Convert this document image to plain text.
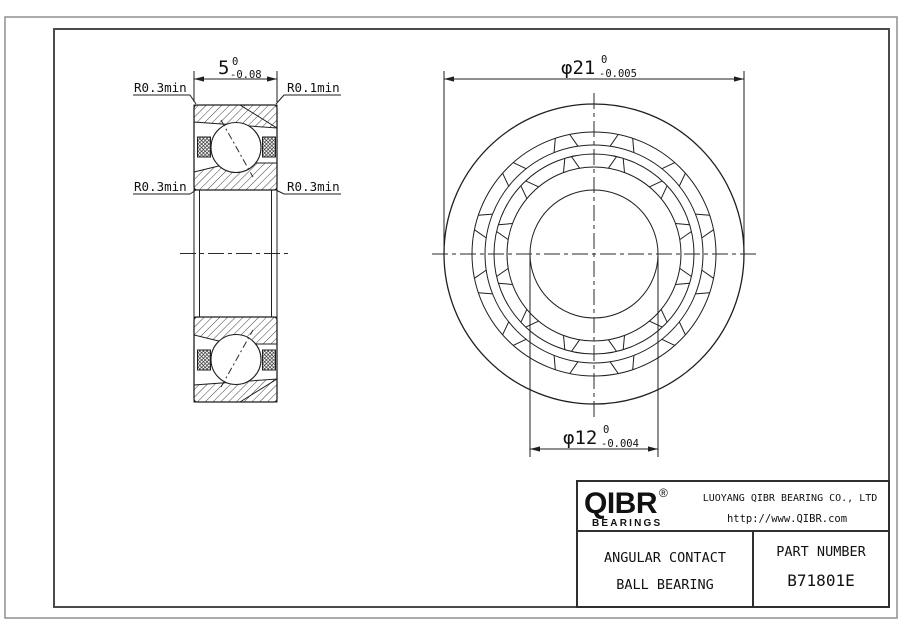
5 0
-0.08
R0.3min	R0.1min
R0.3min	R0.3min
φ21 0
-0.005
φ12 0
-0.004
QIBR ®
BEARINGS
LUOYANG QIBR BEARING CO., LTD
http://www.QIBR.com
ANGULAR CONTACT
BALL BEARING
PART NUMBER
B71801E
